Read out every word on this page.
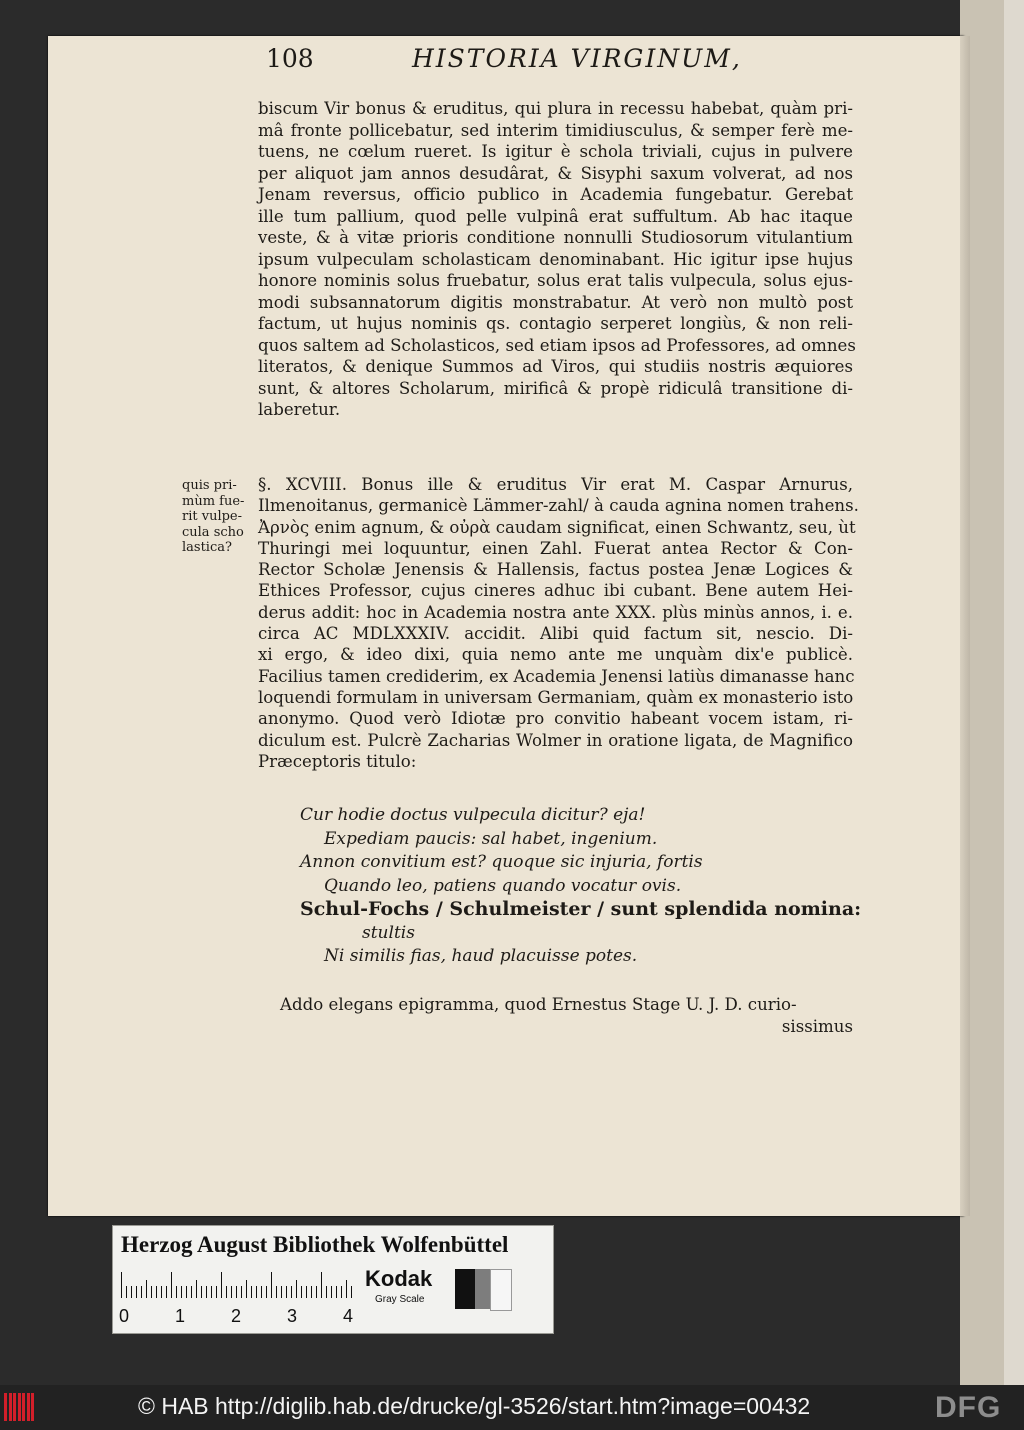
108	HISTORIA VIRGINUM,
biscum Vir bonus & eruditus, qui plura in recessu habebat, quàm pri-
mâ fronte pollicebatur, sed interim timidiusculus, & semper ferè me-
tuens, ne cœlum rueret. Is igitur è schola triviali, cujus in pulvere
per aliquot jam annos desudârat, & Sisyphi saxum volverat, ad nos
Jenam reversus, officio publico in Academia fungebatur. Gerebat
ille tum pallium, quod pelle vulpinâ erat suffultum. Ab hac itaque
veste, & à vitæ prioris conditione nonnulli Studiosorum vitulantium
ipsum vulpeculam scholasticam denominabant. Hic igitur ipse hujus
honore nominis solus fruebatur, solus erat talis vulpecula, solus ejus-
modi subsannatorum digitis monstrabatur. At verò non multò post
factum, ut hujus nominis qs. contagio serperet longiùs, & non reli-
quos saltem ad Scholasticos, sed etiam ipsos ad Professores, ad omnes
literatos, & denique Summos ad Viros, qui studiis nostris æquiores
sunt, & altores Scholarum, mirificâ & propè ridiculâ transitione di-
laberetur.
quis pri-
mùm fue-
rit vulpe-
cula scho
lastica?
§. XCVIII. Bonus ille & eruditus Vir erat M. Caspar Arnurus,
Ilmenoitanus, germanicè Lämmer-zahl/ à cauda agnina nomen trahens.
Ἀρνὸς enim agnum, & οὐρὰ caudam significat, einen Schwantz, seu, ùt
Thuringi mei loquuntur, einen Zahl. Fuerat antea Rector & Con-
Rector Scholæ Jenensis & Hallensis, factus postea Jenæ Logices &
Ethices Professor, cujus cineres adhuc ibi cubant. Bene autem Hei-
derus addit: hoc in Academia nostra ante XXX. plùs minùs annos, i. e.
circa AC MDLXXXIV. accidit. Alibi quid factum sit, nescio. Di-
xi ergo, & ideo dixi, quia nemo ante me unquàm dix'e publicè.
Facilius tamen crediderim, ex Academia Jenensi latiùs dimanasse hanc
loquendi formulam in universam Germaniam, quàm ex monasterio isto
anonymo. Quod verò Idiotæ pro convitio habeant vocem istam, ri-
diculum est. Pulcrè Zacharias Wolmer in oratione ligata, de Magnifico
Præceptoris titulo:
Cur hodie doctus vulpecula dicitur? eja!
Expediam paucis: sal habet, ingenium.
Annon convitium est? quoque sic injuria, fortis
Quando leo, patiens quando vocatur ovis.
Schul-Fochs / Schulmeister / sunt splendida nomina:
stultis
Ni similis fias, haud placuisse potes.
Addo elegans epigramma, quod Ernestus Stage U. J. D. curio-
sissimus
Herzog August Bibliothek Wolfenbüttel
0	1	2	3	4
Kodak
Gray Scale
© HAB http://diglib.hab.de/drucke/gl-3526/start.htm?image=00432	DFG
